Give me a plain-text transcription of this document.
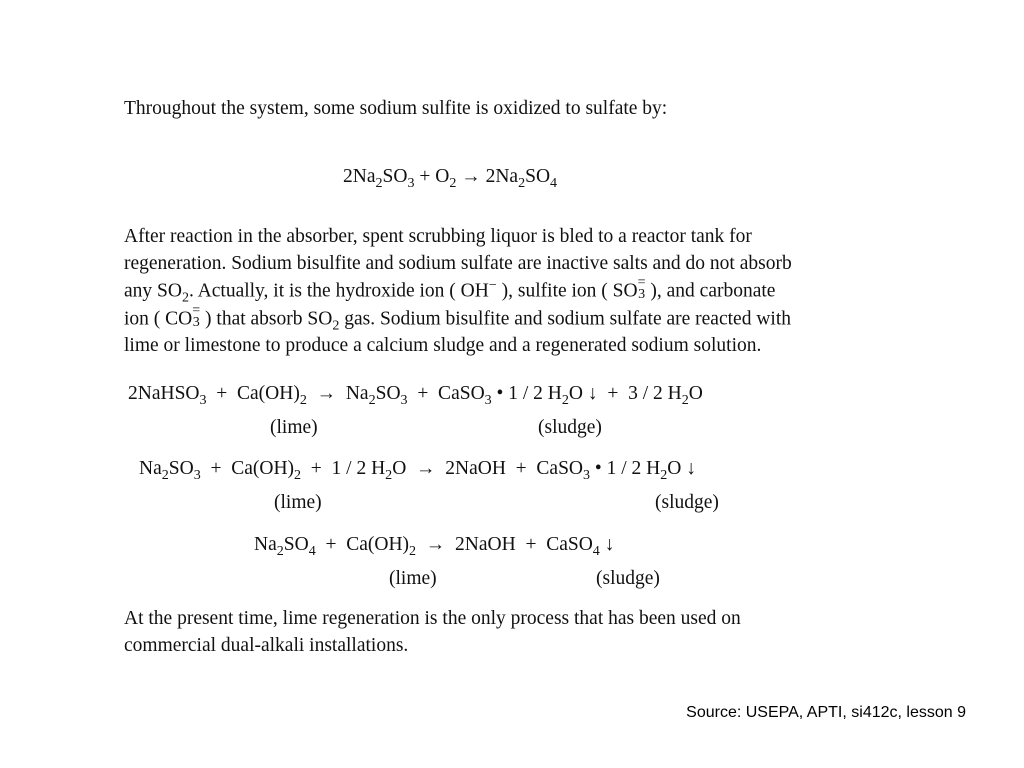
Throughout the system, some sodium sulfite is oxidized to sulfate by:

$2Na_2SO_3 + O_2 \to 2Na_2SO_4$
After reaction in the absorber, spent scrubbing liquor is bled to a reactor tank for
regeneration. Sodium bisulfite and sodium sulfate are inactive salts and do not absorb
any $SO_2$. Actually, it is the hydroxide ion ( OH− ), sulfite ion ( SO =
3 ), and carbonate
ion ( CO =
3 ) that absorb $SO_2$ gas. Sodium bisulfite and sodium sulfate are reacted with
lime or limestone to produce a calcium sludge and a regenerated sodium solution.
2NaHSO$_3$  +  $Ca(OH)_2 \to Na_2SO_3$  +  CaSO$_3$ • 1 / 2 $H_2O$ ↓  +  3 / 2 $H_2O$
(lime)	(sludge)
$Na_2SO_3 + Ca(OH)_2 + 1 / 2$ $H_2O$  →  2NaOH  +  CaSO$_3$ • 1 / 2 $H_2O$ ↓
(lime)	(sludge)
$Na_2SO_4 + Ca(OH)_2$  →  2NaOH  +  CaSO$_4$ ↓
(lime)	(sludge)
At the present time, lime regeneration is the only process that has been used on
commercial dual-alkali installations.
Source: USEPA, APTI, si412c, lesson 9
